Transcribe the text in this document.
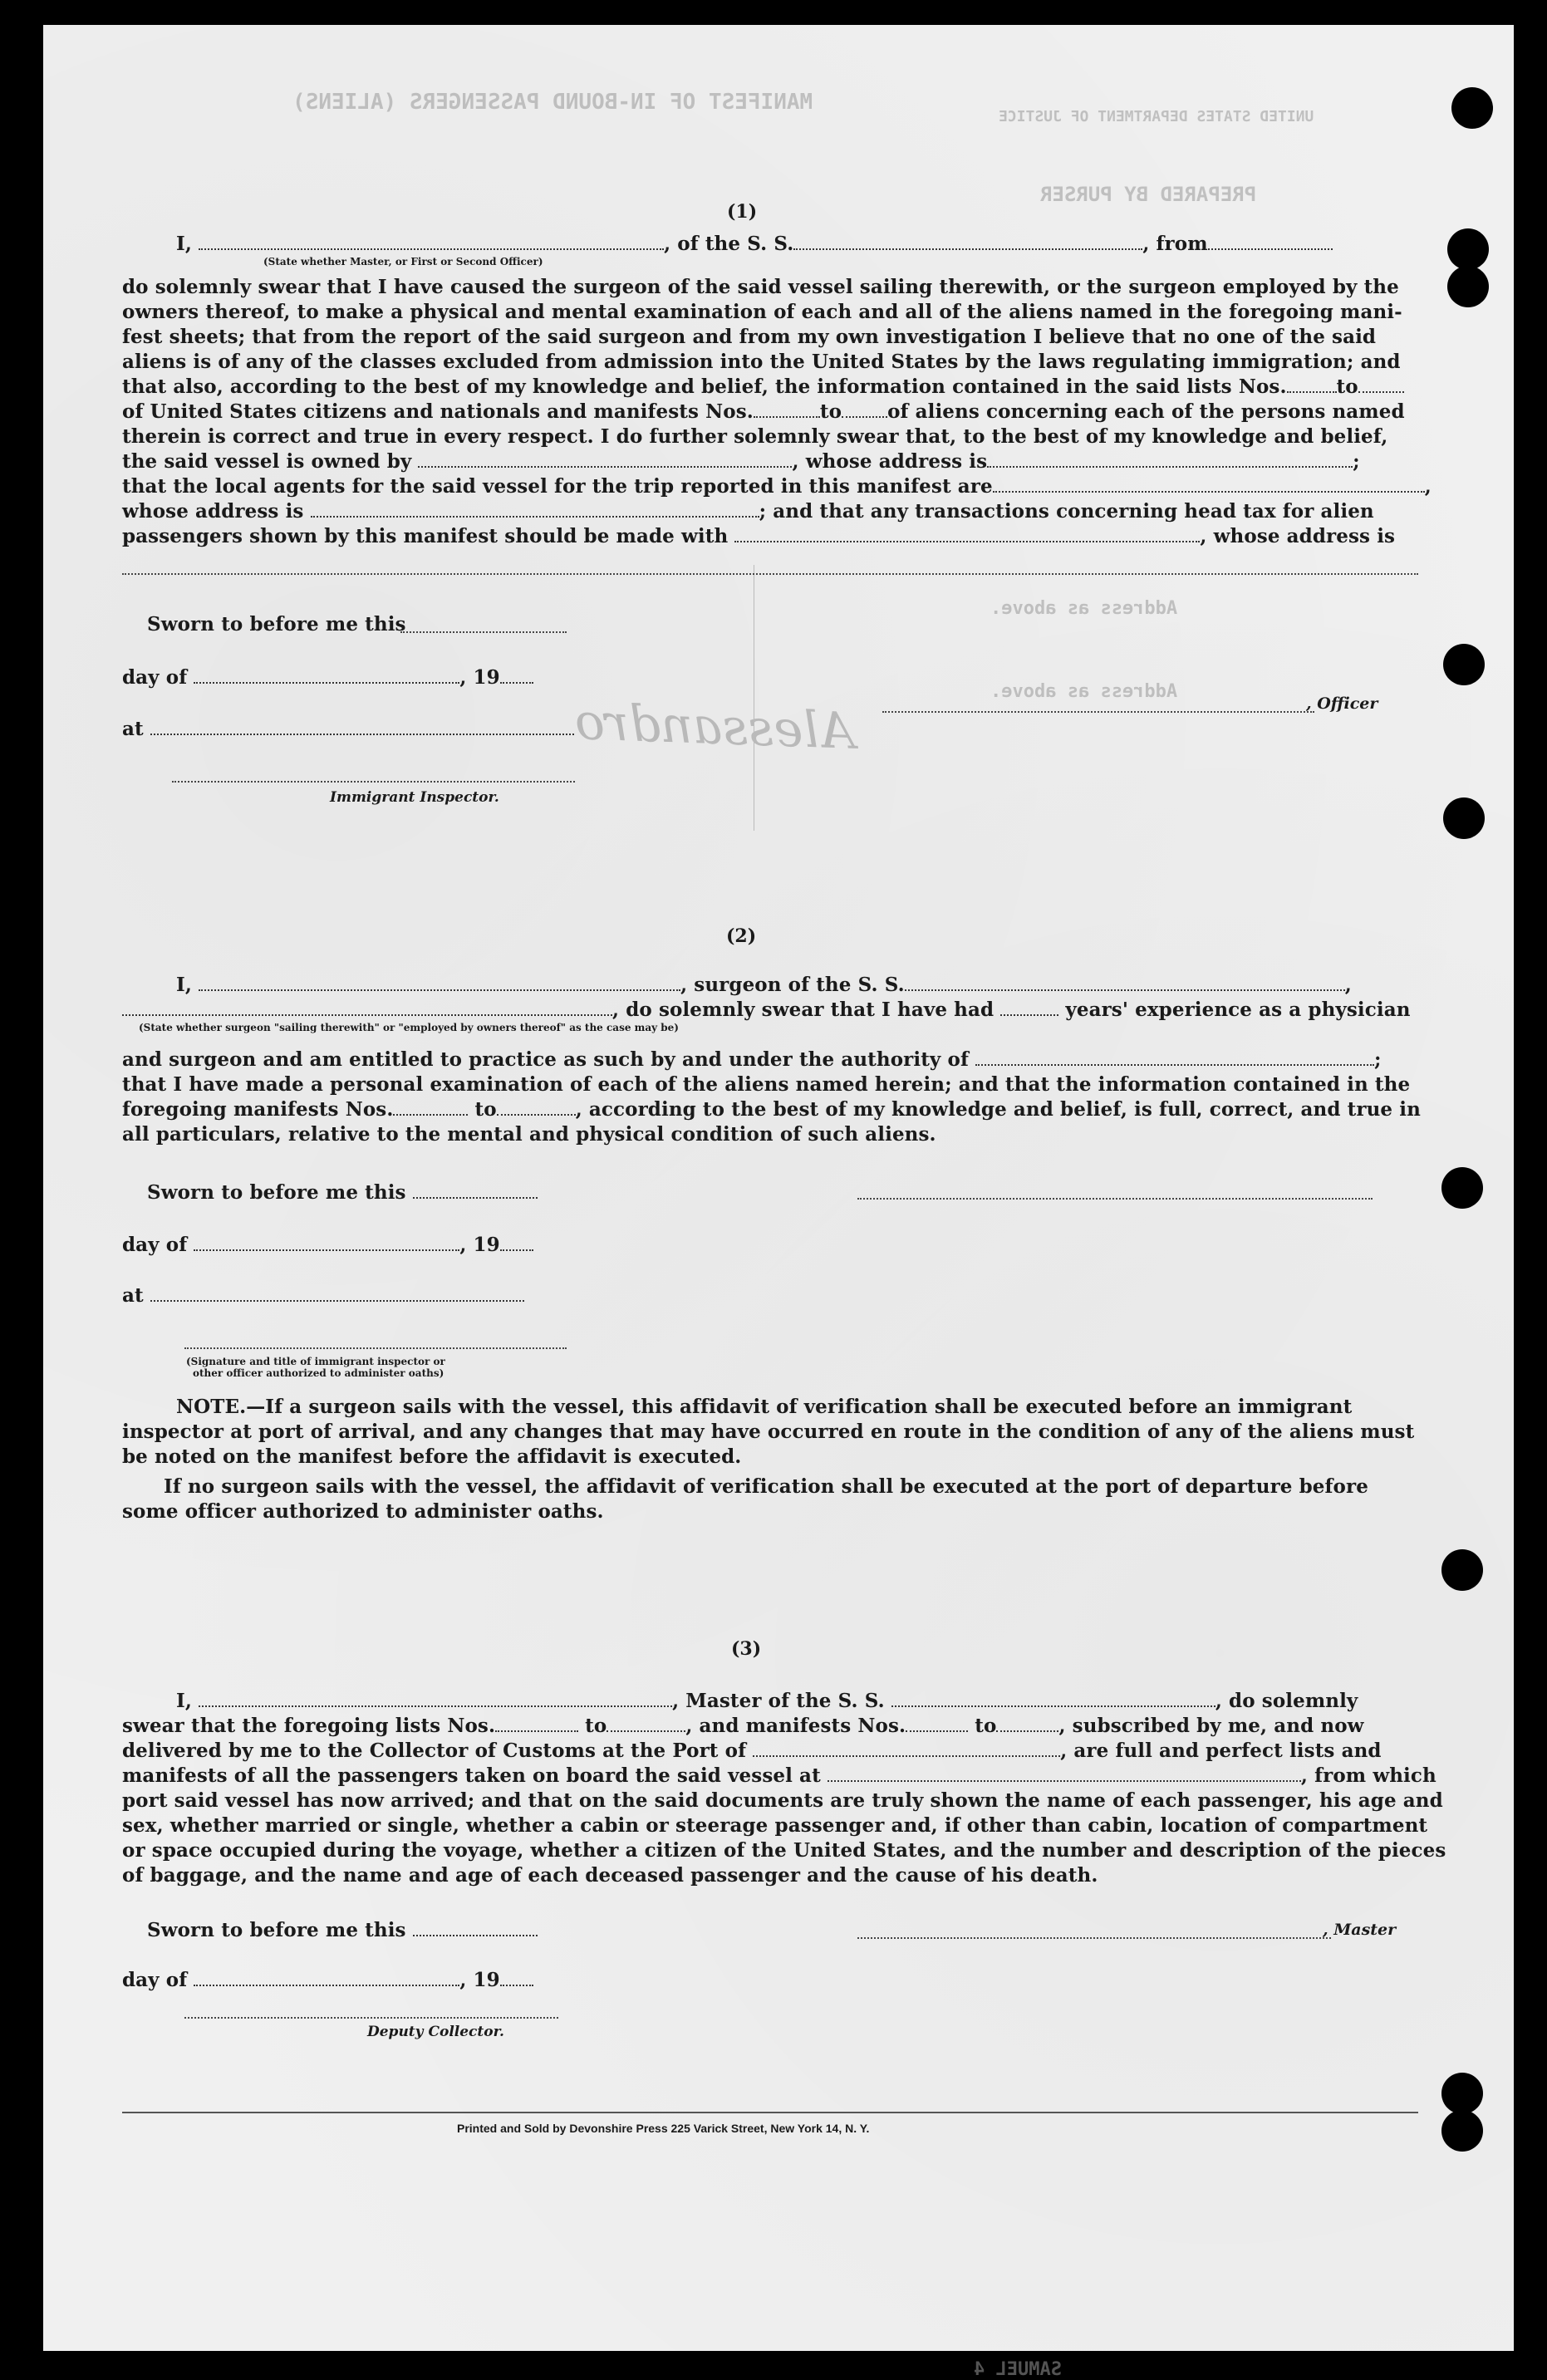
MANIFEST OF IN-BOUND PASSENGERS (ALIENS)
UNITED STATES DEPARTMENT OF JUSTICE
PREPARED BY PURSER
Address as above.
Address as above.
Alessandro
(1)
I,	, of the S. S.	, from
(State whether Master, or First or Second Officer)
do solemnly swear that I have caused the surgeon of the said vessel sailing therewith, or the surgeon employed by the
owners thereof, to make a physical and mental examination of each and all of the aliens named in the foregoing mani-
fest sheets; that from the report of the said surgeon and from my own investigation I believe that no one of the said
aliens is of any of the classes excluded from admission into the United States by the laws regulating immigration; and
that also, according to the best of my knowledge and belief, the information contained in the said lists Nos.	to
of United States citizens and nationals and manifests Nos.	to of aliens concerning each of the persons named
therein is correct and true in every respect. I do further solemnly swear that, to the best of my knowledge and belief,
the said vessel is owned by	, whose address is	;
that the local agents for the said vessel for the trip reported in this manifest are	,
whose address is	; and that any transactions concerning head tax for alien
passengers shown by this manifest should be made with	, whose address is
Sworn to before me this
day of	, 19
at
, Officer
Immigrant Inspector.
(2)
I,	, surgeon of the S. S.	,
, do solemnly swear that I have had	years' experience as a physician
(State whether surgeon "sailing therewith" or "employed by owners thereof" as the case may be)
and surgeon and am entitled to practice as such by and under the authority of	;
that I have made a personal examination of each of the aliens named herein; and that the information contained in the
foregoing manifests Nos.	to	, according to the best of my knowledge and belief, is full, correct, and true in
all particulars, relative to the mental and physical condition of such aliens.
Sworn to before me this
day of	, 19
at
(Signature and title of immigrant inspector or
other officer authorized to administer oaths)
NOTE.—If a surgeon sails with the vessel, this affidavit of verification shall be executed before an immigrant
inspector at port of arrival, and any changes that may have occurred en route in the condition of any of the aliens must
be noted on the manifest before the affidavit is executed.
If no surgeon sails with the vessel, the affidavit of verification shall be executed at the port of departure before
some officer authorized to administer oaths.
(3)
I,	, Master of the S. S.	, do solemnly
swear that the foregoing lists Nos.	to	, and manifests Nos.	to	, subscribed by me, and now
delivered by me to the Collector of Customs at the Port of	, are full and perfect lists and
manifests of all the passengers taken on board the said vessel at	, from which
port said vessel has now arrived; and that on the said documents are truly shown the name of each passenger, his age and
sex, whether married or single, whether a cabin or steerage passenger and, if other than cabin, location of compartment
or space occupied during the voyage, whether a citizen of the United States, and the number and description of the pieces
of baggage, and the name and age of each deceased passenger and the cause of his death.
Sworn to before me this	, Master
day of	, 19
Deputy Collector.
Printed and Sold by Devonshire Press 225 Varick Street, New York 14, N. Y.
SAMUEL 4
